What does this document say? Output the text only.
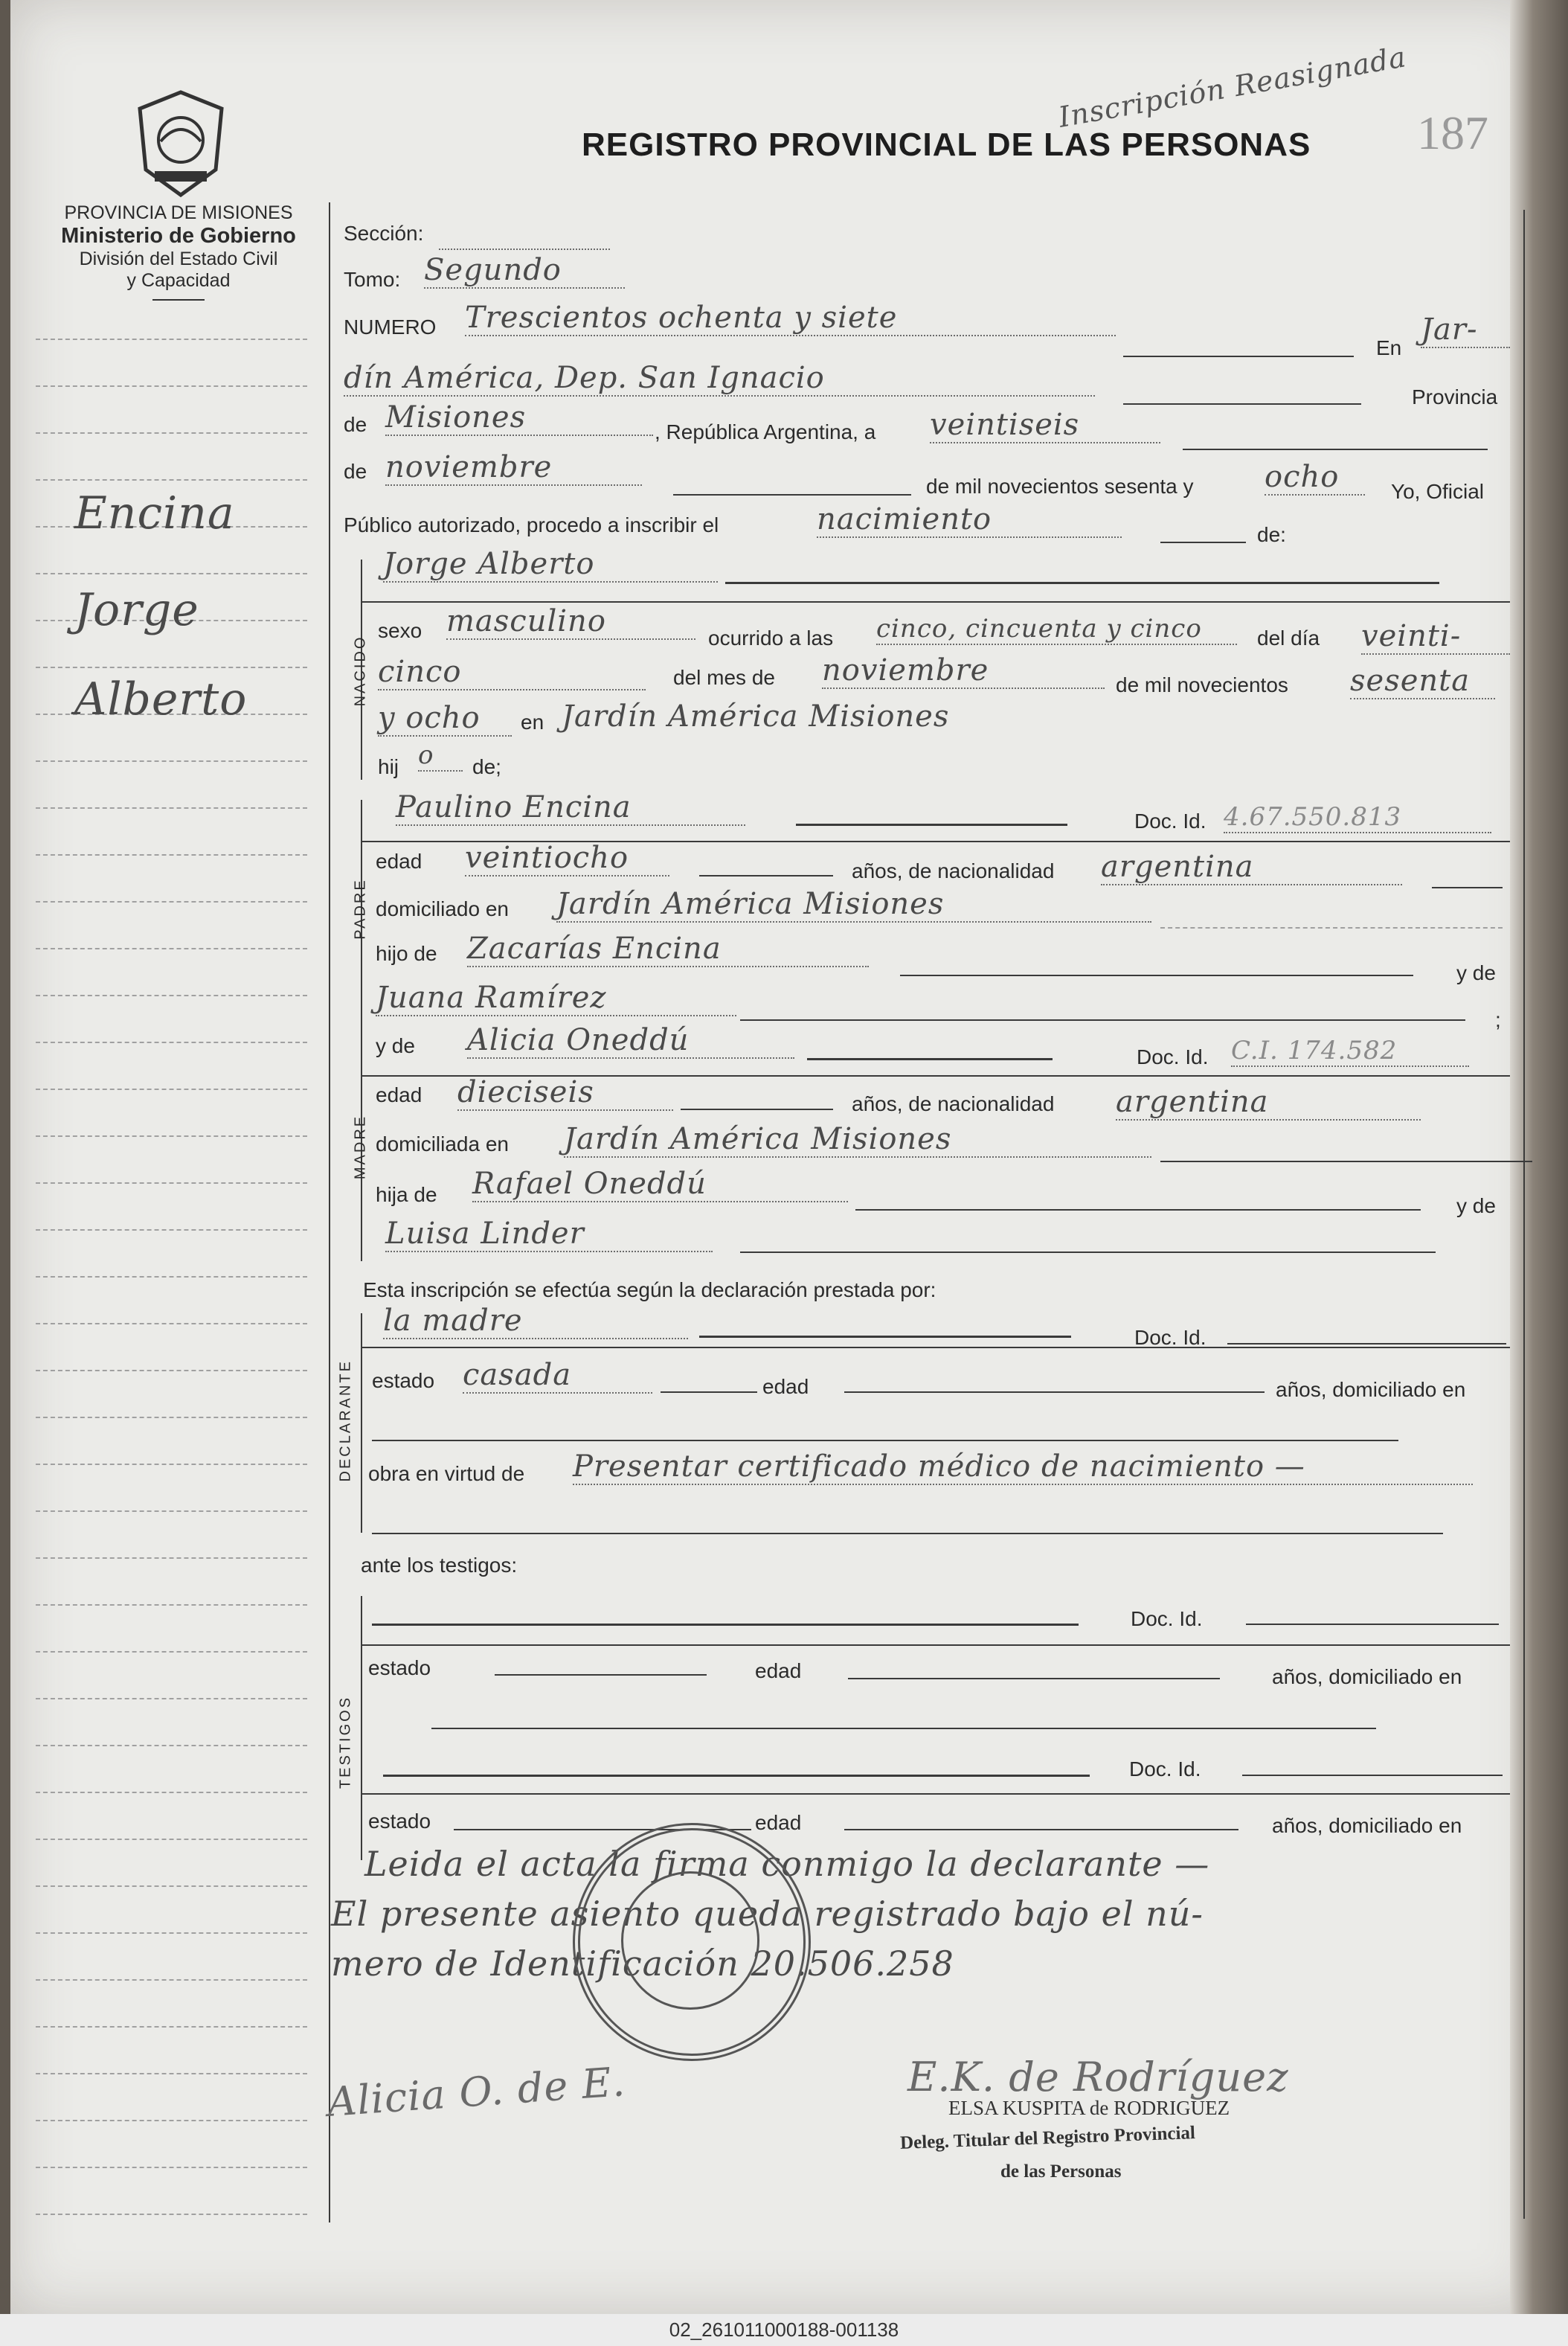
PROVINCIA DE MISIONES
Ministerio de Gobierno
División del Estado Civil
y Capacidad
REGISTRO PROVINCIAL DE LAS PERSONAS 187
Inscripción Reasignada
Encina
Jorge
Alberto
Sección:
Tomo: Segundo
NUMERO Trescientos ochenta y siete
En
Jar-
dín América, Dep. San Ignacio
Provincia
de Misiones	, República Argentina, a veintiseis
de noviembre
de mil novecientos sesenta y ocho	Yo, Oficial
Público autorizado, procedo a inscribir el	nacimiento	de:
NACIDO
Jorge Alberto
sexo masculino	ocurrido a las cinco, cincuenta y cinco	del día veinti-
cinco	del mes de noviembre	de mil novecientos sesenta
y ocho	en Jardín América Misiones
hij o	de;
PADRE
Paulino Encina	Doc. Id. 4.67.550.813
edad veintiocho	años, de nacionalidad argentina
domiciliado en Jardín América Misiones
hijo de Zacarías Encina
y de
Juana Ramírez
;
MADRE
y de Alicia Oneddú	Doc. Id. C.I. 174.582
edad dieciseis	años, de nacionalidad argentina
domiciliada en Jardín América Misiones
hija de Rafael Oneddú
y de
Luisa Linder
Esta inscripción se efectúa según la declaración prestada por:
DECLARANTE
la madre	Doc. Id.
estado casada	edad	años, domiciliado en
obra en virtud de Presentar certificado médico de nacimiento —
ante los testigos:
TESTIGOS
Doc. Id.
estado	edad	años, domiciliado en
Doc. Id.
estado	edad	años, domiciliado en
Leida el acta la firma conmigo la declarante —
El presente asiento queda registrado bajo el nú-
mero de Identificación 20.506.258
Alicia O. de E.	E.K. de Rodríguez
ELSA KUSPITA de RODRIGUEZ
Deleg. Titular del Registro Provincial
de las Personas
02_261011000188-001138
